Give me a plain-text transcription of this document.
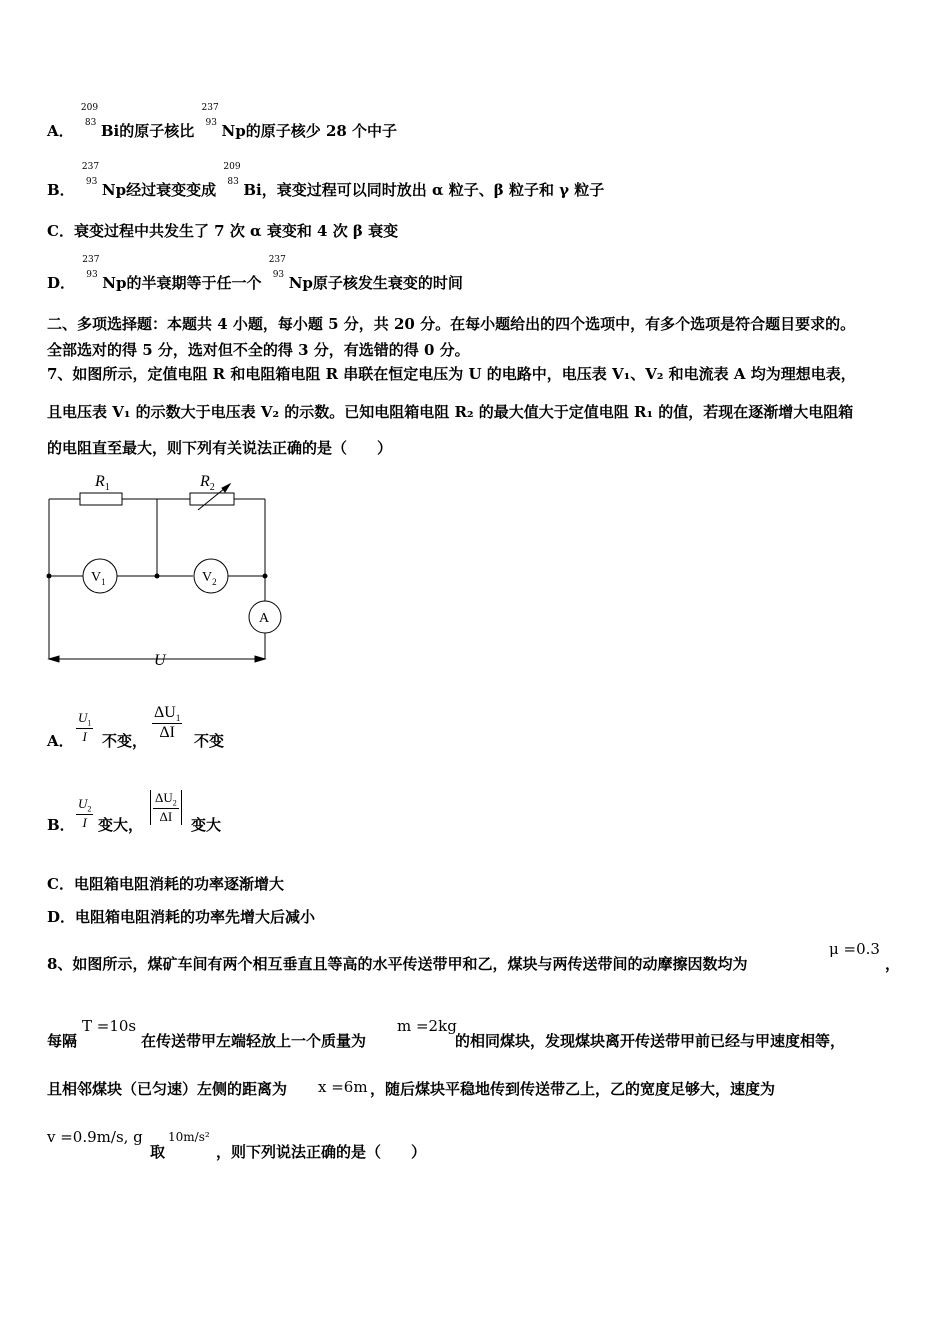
A．
209
83 Bi的原子核比
237
93 Np的原子核少 28 个中子
B．
237
93 Np经过衰变变成
209
83 Bi，衰变过程可以同时放出 α 粒子、β 粒子和 γ 粒子
C．衰变过程中共发生了 7 次 α 衰变和 4 次 β 衰变
D．
237
93 Np的半衰期等于任一个
237
93 Np原子核发生衰变的时间
二、多项选择题：本题共 4 小题，每小题 5 分，共 20 分。在每小题给出的四个选项中，有多个选项是符合题目要求的。
全部选对的得 5 分，选对但不全的得 3 分，有选错的得 0 分。
7、如图所示，定值电阻 R 和电阻箱电阻 R 串联在恒定电压为 U 的电路中，电压表 V₁、V₂ 和电流表 A 均为理想电表，
且电压表 V₁ 的示数大于电压表 V₂ 的示数。已知电阻箱电阻 R₂ 的最大值大于定值电阻 R₁ 的值，若现在逐渐增大电阻箱
的电阻直至最大，则下列有关说法正确的是（　　）
$R_1$	$R_2$
$V_1$	$V_2$
A
U
A． $\frac{U_1}{I}$ 不变， $\frac{\Delta U_1}{\Delta I}$ 不变
B． $\frac{U_2}{I}$ 变大，
$\frac{\Delta U_2}{\Delta I}$
变大
C．电阻箱电阻消耗的功率逐渐增大
D．电阻箱电阻消耗的功率先增大后减小
8、如图所示，煤矿车间有两个相互垂直且等高的水平传送带甲和乙，煤块与两传送带间的动摩擦因数均为
μ =0.3
，
每隔
T =10s
在传送带甲左端轻放上一个质量为
m =2kg
的相同煤块，发现煤块离开传送带甲前已经与甲速度相等，
且相邻煤块（已匀速）左侧的距离为 x =6m ，随后煤块平稳地传到传送带乙上，乙的宽度足够大，速度为
v =0.9m/s, g
取
10m/s²
，则下列说法正确的是（　　）
